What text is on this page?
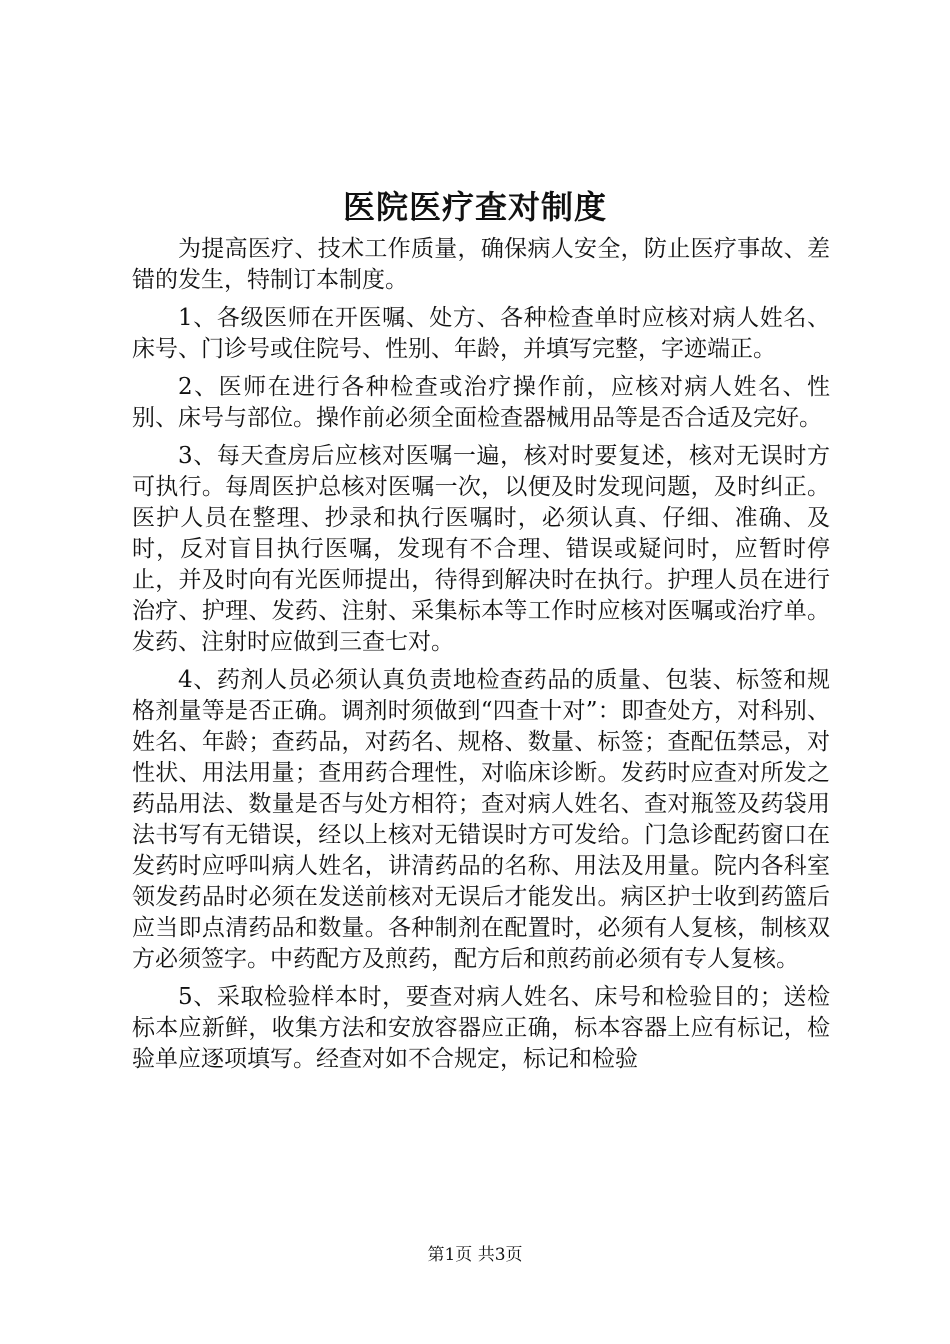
医院医疗查对制度

为提高医疗、技术工作质量，确保病人安全，防止医疗事故、差错的发生，特制订本制度。

1、各级医师在开医嘱、处方、各种检查单时应核对病人姓名、床号、门诊号或住院号、性别、年龄，并填写完整，字迹端正。

2、医师在进行各种检查或治疗操作前，应核对病人姓名、性别、床号与部位。操作前必须全面检查器械用品等是否合适及完好。

3、每天查房后应核对医嘱一遍，核对时要复述，核对无误时方可执行。每周医护总核对医嘱一次，以便及时发现问题，及时纠正。医护人员在整理、抄录和执行医嘱时，必须认真、仔细、准确、及时，反对盲目执行医嘱，发现有不合理、错误或疑问时，应暂时停止，并及时向有光医师提出，待得到解决时在执行。护理人员在进行治疗、护理、发药、注射、采集标本等工作时应核对医嘱或治疗单。发药、注射时应做到三查七对。

4、药剂人员必须认真负责地检查药品的质量、包装、标签和规格剂量等是否正确。调剂时须做到“四查十对”：即查处方，对科别、姓名、年龄；查药品，对药名、规格、数量、标签；查配伍禁忌，对性状、用法用量；查用药合理性，对临床诊断。发药时应查对所发之药品用法、数量是否与处方相符；查对病人姓名、查对瓶签及药袋用法书写有无错误，经以上核对无错误时方可发给。门急诊配药窗口在发药时应呼叫病人姓名，讲清药品的名称、用法及用量。院内各科室领发药品时必须在发送前核对无误后才能发出。病区护士收到药篮后应当即点清药品和数量。各种制剂在配置时，必须有人复核，制核双方必须签字。中药配方及煎药，配方后和煎药前必须有专人复核。

5、采取检验样本时，要查对病人姓名、床号和检验目的；送检标本应新鲜，收集方法和安放容器应正确，标本容器上应有标记，检验单应逐项填写。经查对如不合规定，标记和检验

第1页 共3页
